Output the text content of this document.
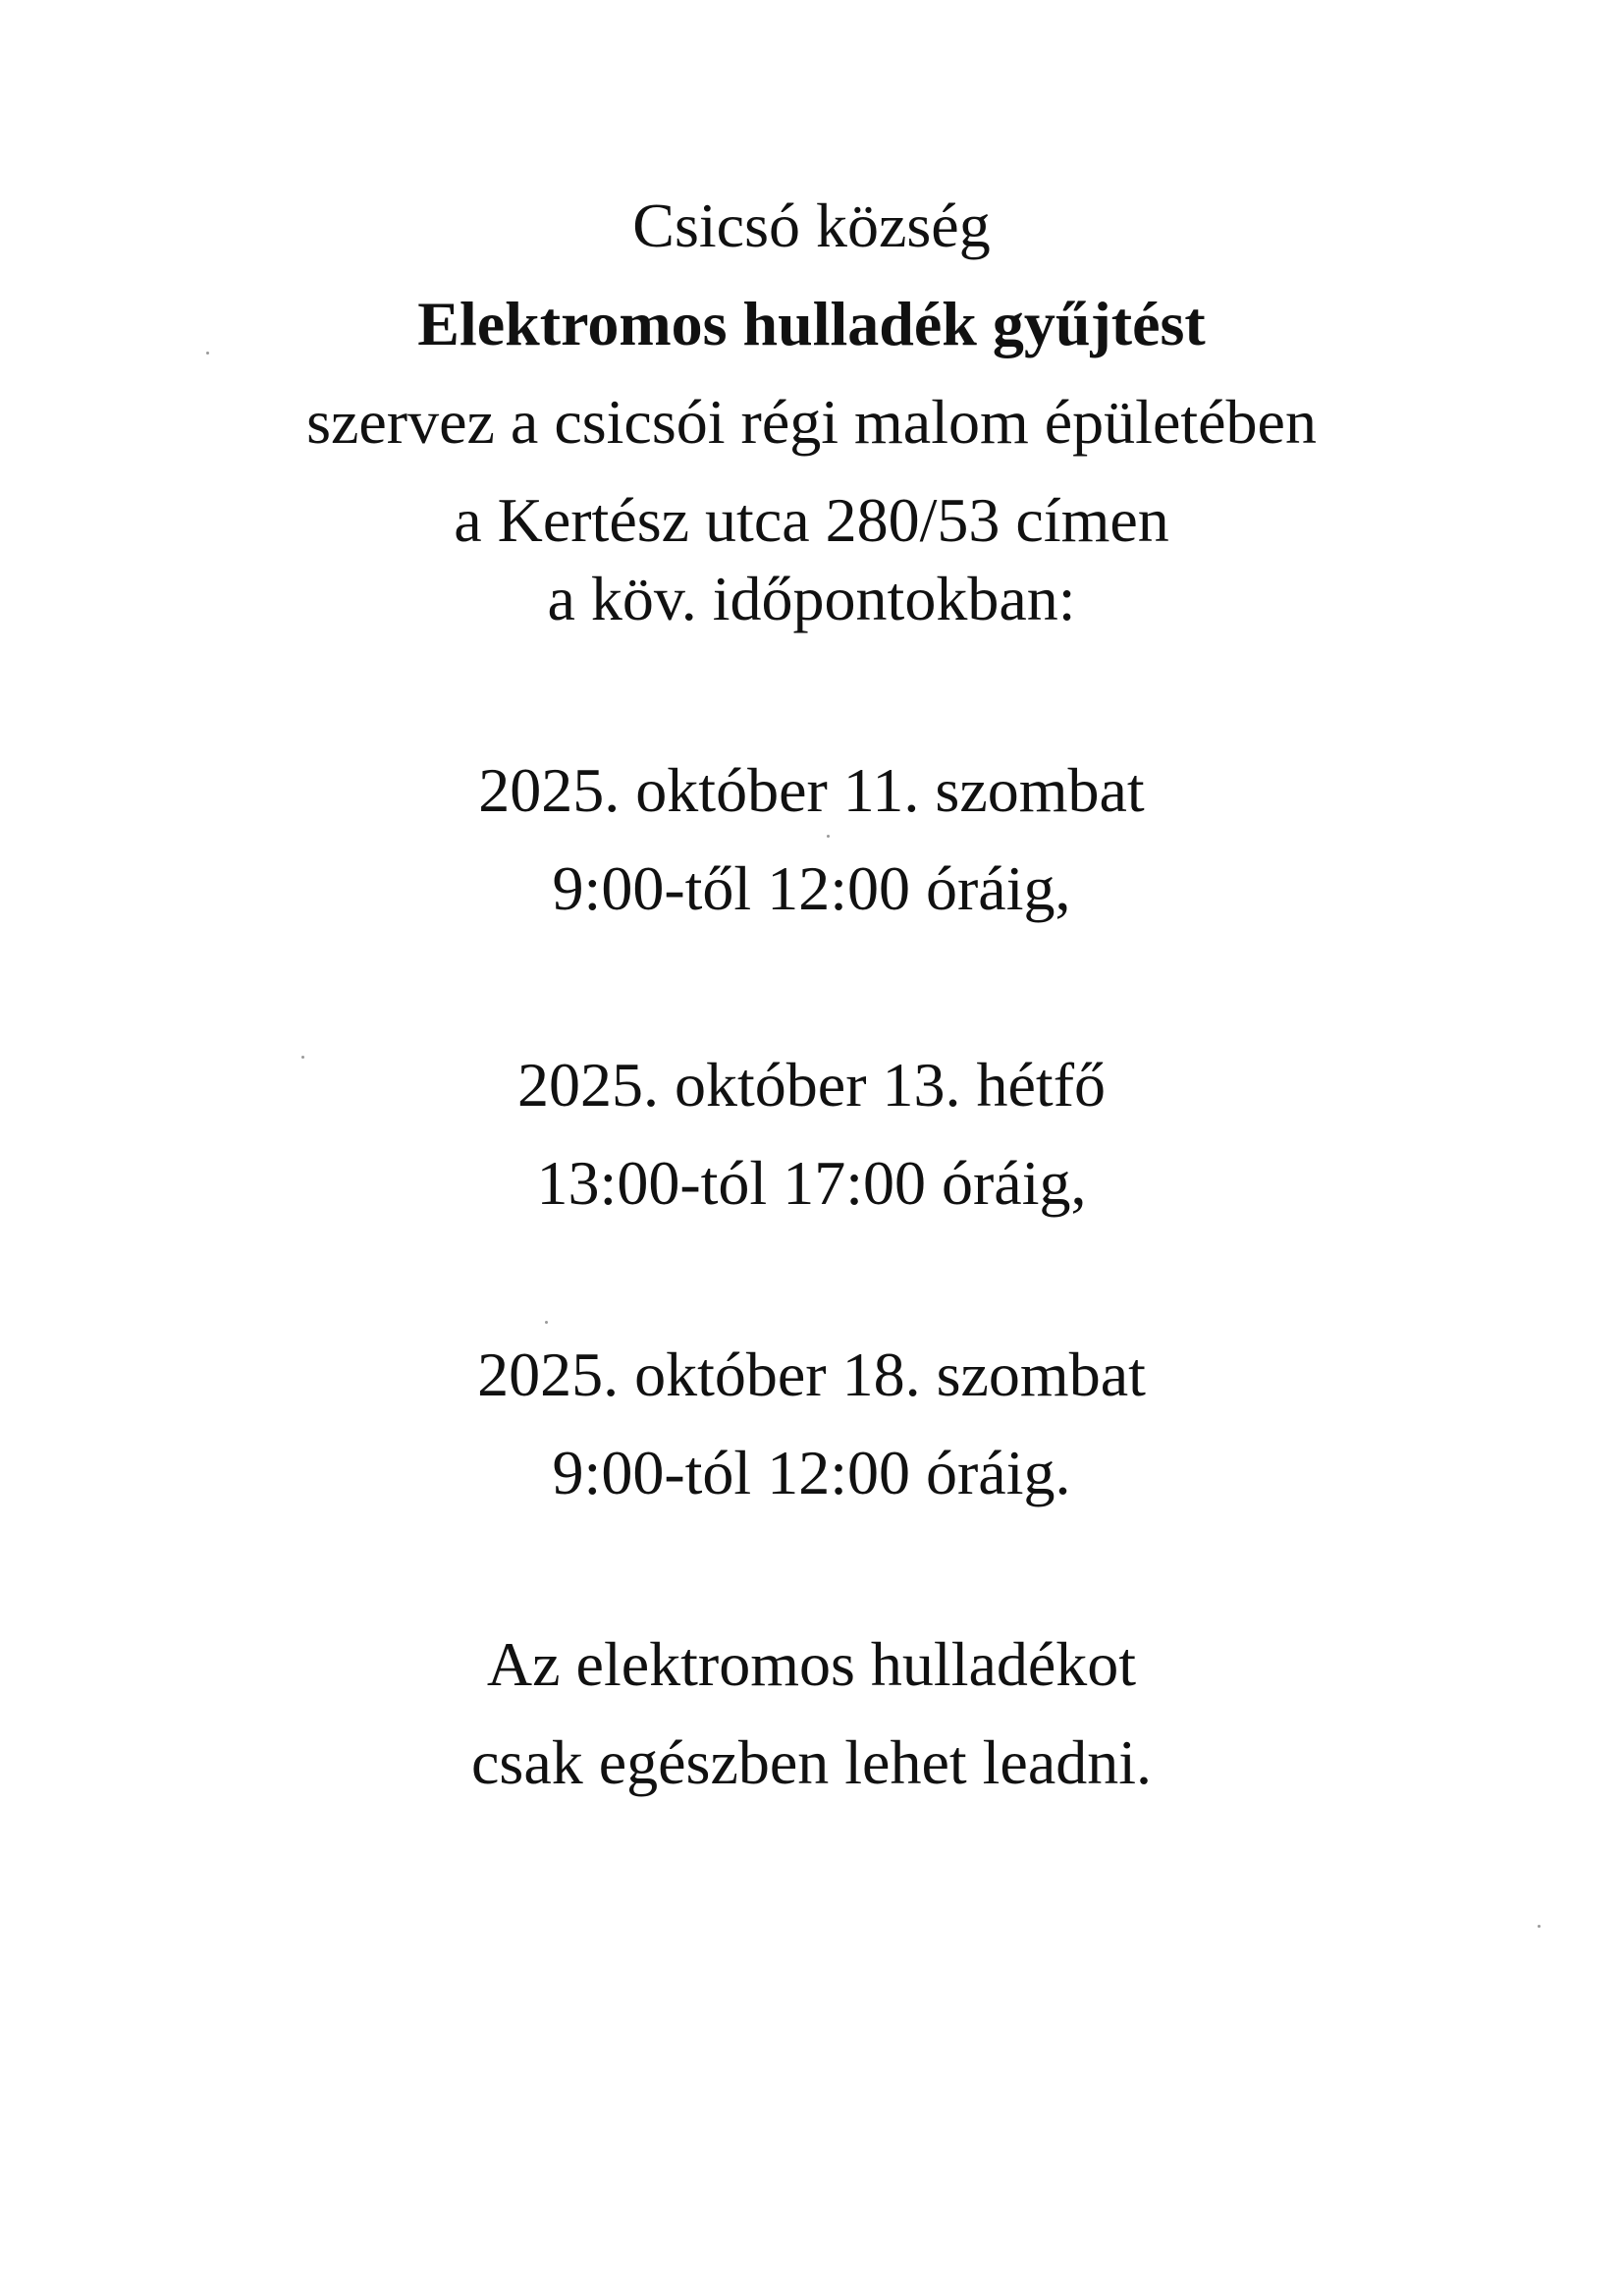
Csicsó község

Elektromos hulladék gyűjtést

szervez a csicsói régi malom épületében

a Kertész utca 280/53 címen

a köv. időpontokban:

2025. október 11. szombat

9:00-től 12:00 óráig,

2025. október 13. hétfő

13:00-tól 17:00 óráig,

2025. október 18. szombat

9:00-tól 12:00 óráig.

Az elektromos hulladékot

csak egészben lehet leadni.
